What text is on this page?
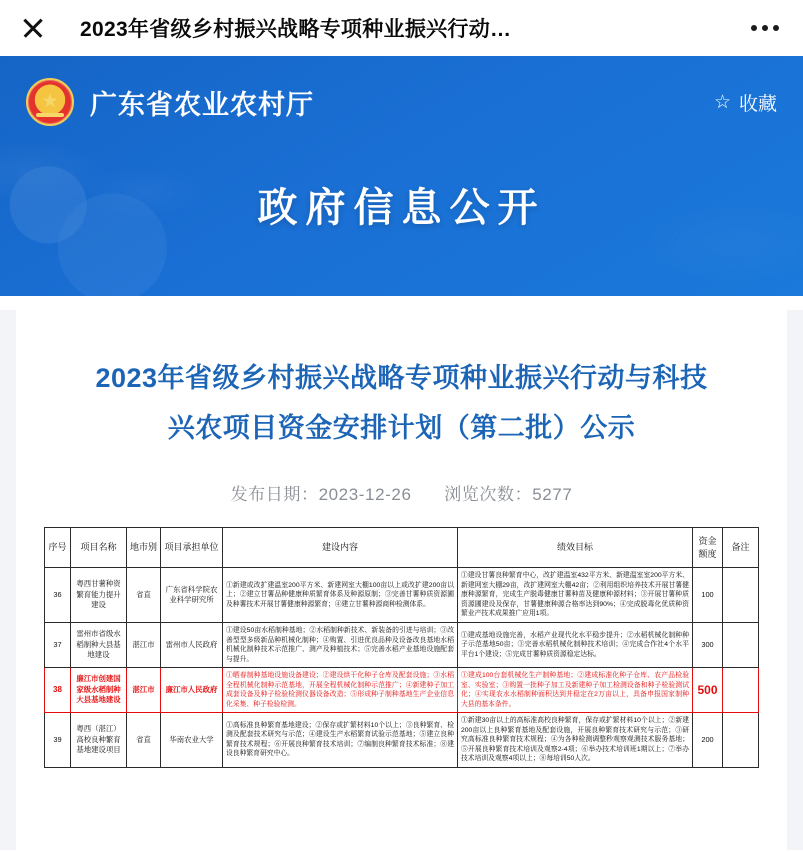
2023年省级乡村振兴战略专项种业振兴行动…
★
广东省农业农村厅	☆ 收藏
政府信息公开
2023年省级乡村振兴战略专项种业振兴行动与科技
兴农项目资金安排计划（第二批）公示
发布日期：2023-12-26 浏览次数：5277
序号	项目名称	地市别	项目承担单位	建设内容	绩效目标	资金额度	备注
36	粤西甘薯种资繁育能力提升建设	省直	广东省科学院农业科学研究所	①新建或改扩建温室200平方米、新建网室大棚100亩以上或改扩建200亩以上；②建立甘薯品种健康种质繁育体系及种源原制；③完善甘薯种质资源圃及种薯技术开展甘薯健康种源繁育；④建立甘薯种源商种检测体系。	①建设甘薯良种繁育中心，改扩建温室432平方米、新建温室室200平方米、新建网室大棚29亩，改扩建网室大棚42亩；②利用组织培养技术开展甘薯健康种源繁育，完成生产脱毒健康甘薯种苗及健康种源材料；③开展甘薯种质资源圃建设及保存，甘薯健康种源合格率达到90%；④完成脱毒化优质种资繁业产技术成果推广应用1项。	100	
37	雷州市省级水稻制种大县基地建设	湛江市	雷州市人民政府	①建设50亩水稻制种基地；②水稻制种新技术、新装备的引进与培训；③改善型型多级新品种机械化制种；④购置、引进优良品种及设备改良基地水稻机械化制种技术示范推广、测产及种植技术；⑤完善水稻产业基地设施配套与提升。	①建成基地设施完善，水稻产业现代化水平稳步提升；②水稻机械化制种种子示范基地50亩；③完善水稻机械化制种技术培训；④完成合作社4个水平平台1个建设；⑤完成甘薯种质资源稳定达标。	300	
38	廉江市创建国家级水稻制种大县基地建设	湛江市	廉江市人民政府	①晒春制种基地设施设备建设；②建设烘干化种子仓库及配套设施；③水稻全程机械化制种示范基地，开展全程机械化制种示范推广；④新建种子加工成套设备及种子检验检测仪器设备改造；⑤形成种子制种基地生产企业信息化采集、种子检验检测。	①建成100台套机械化生产制种基地；②建成标准化种子仓库、农产品检验室、实验室；③购置一批种子加工及新建种子加工检测设备和种子检验测试化；④实现农水水稻制种面积达到并稳定在2万亩以上，具备申报国家制种大县的基本条件。	500	
39	粤西（湛江）高校良种繁育基地建设项目	省直	华南农业大学	①高标准良种繁育基地建设；②保存或扩繁材料10个以上；③良种繁育、检测及配套技术研究与示范；④建设生产水稻繁育试验示范基地；⑤建立良种繁育技术规程；⑥开展良种繁育技术培训；⑦编制良种繁育技术标准；⑧建设良种繁育研究中心。	①新建30亩以上的高标准高校良种繁育，保存或扩繁材料10个以上；②新建200亩以上良种繁育基地及配套设施，开展良种繁育技术研究与示范；③研究高标准良种繁育技术规程；④为各种检测调整秒观察观测技术服务基地；⑤开展良种繁育技术培训及观察2-4项；⑥举办技术培训班1期以上；⑦举办技术培训及观察4项以上；⑧每培训50人次。	200	
